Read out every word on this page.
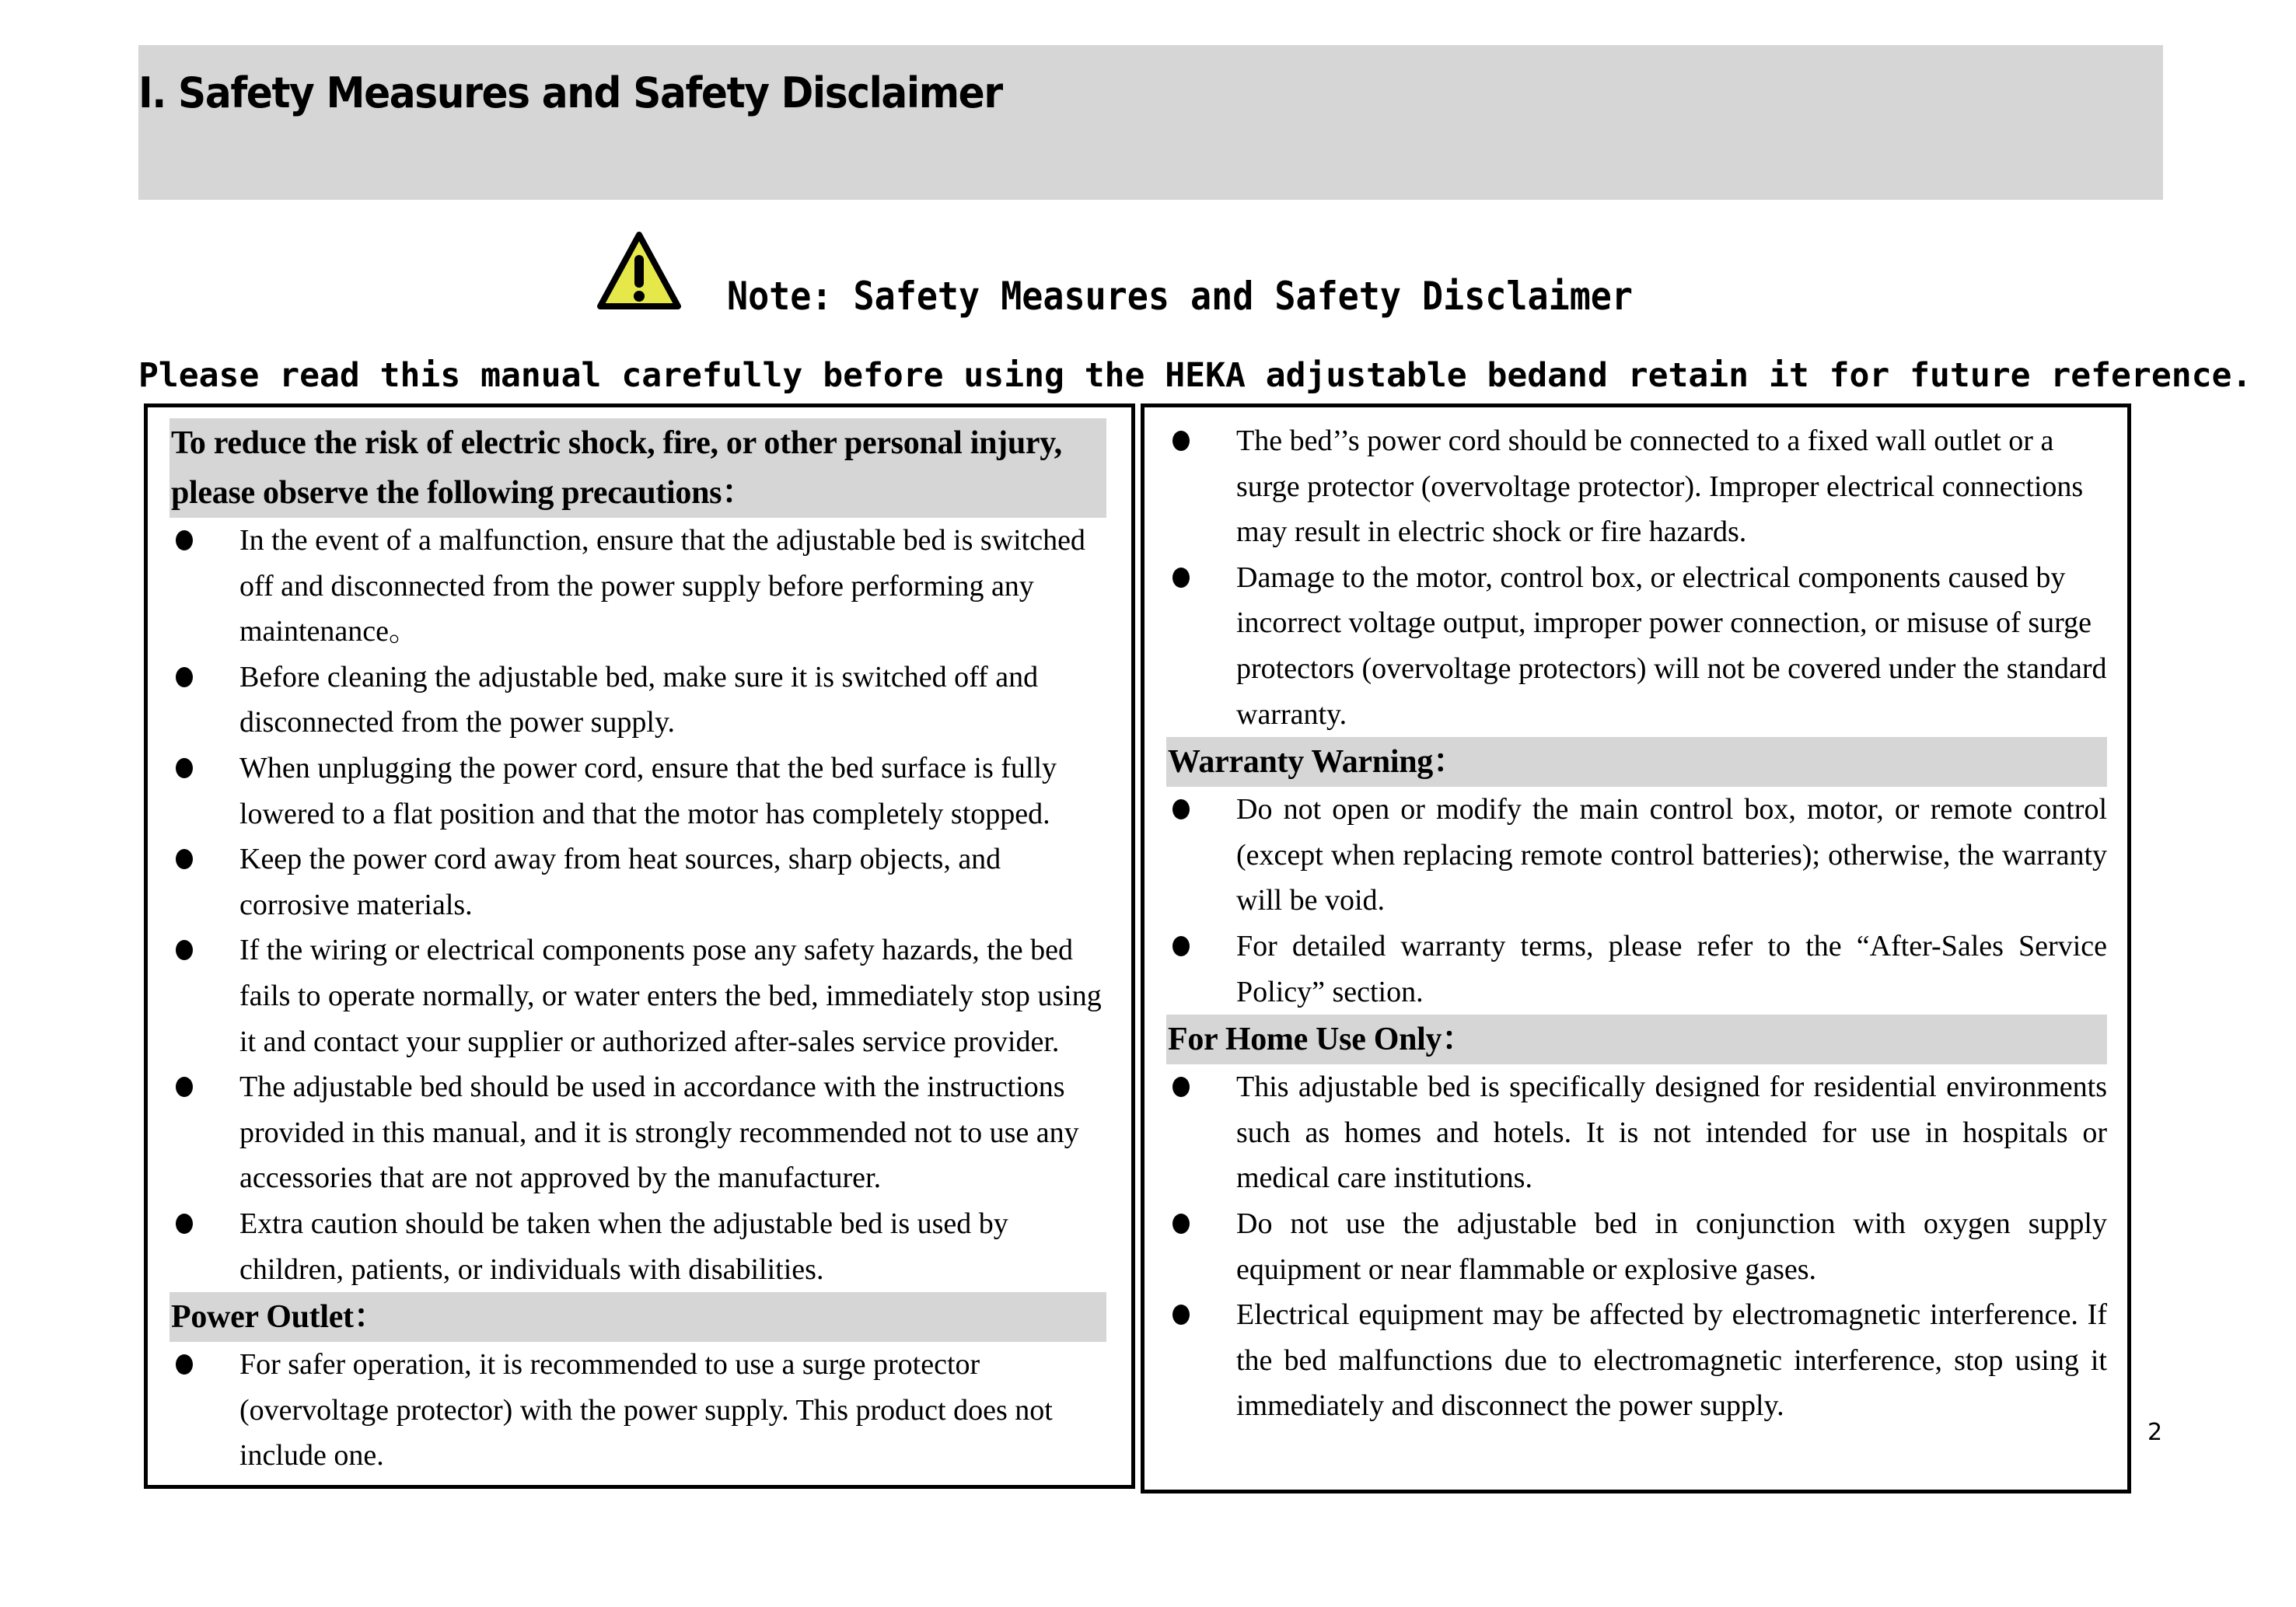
I. Safety Measures and Safety Disclaimer
Note: Safety Measures and Safety Disclaimer
Please read this manual carefully before using the HEKA adjustable bedand retain it for future reference.
To reduce the risk of electric shock, fire, or other personal injury, please observe the following precautions：
In the event of a malfunction, ensure that the adjustable bed is switched off and disconnected from the power supply before performing any maintenance。
Before cleaning the adjustable bed, make sure it is switched off and disconnected from the power supply.
When unplugging the power cord, ensure that the bed surface is fully lowered to a flat position and that the motor has completely stopped.
Keep the power cord away from heat sources, sharp objects, and corrosive materials.
If the wiring or electrical components pose any safety hazards, the bed fails to operate normally, or water enters the bed, immediately stop using it and contact your supplier or authorized after-sales service provider.
The adjustable bed should be used in accordance with the instructions provided in this manual, and it is strongly recommended not to use any accessories that are not approved by the manufacturer.
Extra caution should be taken when the adjustable bed is used by children, patients, or individuals with disabilities.
Power Outlet：
For safer operation, it is recommended to use a surge protector (overvoltage protector) with the power supply. This product does not include one.
The bed’’s power cord should be connected to a fixed wall outlet or a surge protector (overvoltage protector). Improper electrical connections may result in electric shock or fire hazards.
Damage to the motor, control box, or electrical components caused by incorrect voltage output, improper power connection, or misuse of surge protectors (overvoltage protectors) will not be covered under the standard warranty.
Warranty Warning：
Do not open or modify the main control box, motor, or remote control (except when replacing remote control batteries); otherwise, the warranty will be void.
For detailed warranty terms, please refer to the “After-Sales Service Policy” section.
For Home Use Only：
This adjustable bed is specifically designed for residential environments such as homes and hotels. It is not intended for use in hospitals or medical care institutions.
Do not use the adjustable bed in conjunction with oxygen supply equipment or near flammable or explosive gases.
Electrical equipment may be affected by electromagnetic interference. If the bed malfunctions due to electromagnetic interference, stop using it immediately and disconnect the power supply.
2
